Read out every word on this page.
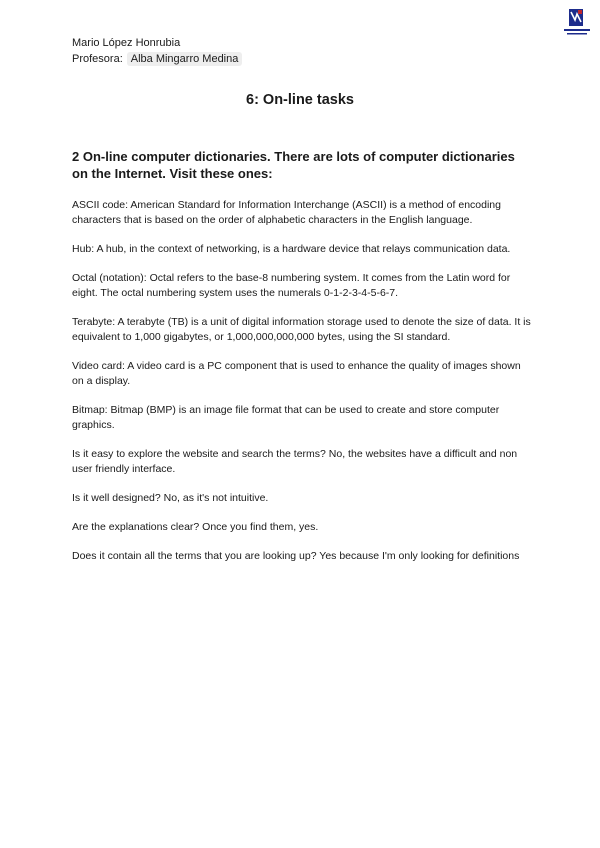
Mario López Honrubia
Profesora: Alba Mingarro Medina
6: On-line tasks
2 On-line computer dictionaries. There are lots of computer dictionaries on the Internet. Visit these ones:

ASCII code: American Standard for Information Interchange (ASCII) is a method of encoding characters that is based on the order of alphabetic characters in the English language.

Hub: A hub, in the context of networking, is a hardware device that relays communication data.

Octal (notation): Octal refers to the base-8 numbering system. It comes from the Latin word for eight. The octal numbering system uses the numerals 0-1-2-3-4-5-6-7.

Terabyte: A terabyte (TB) is a unit of digital information storage used to denote the size of data. It is equivalent to 1,000 gigabytes, or 1,000,000,000,000 bytes, using the SI standard.

Video card: A video card is a PC component that is used to enhance the quality of images shown on a display.

Bitmap: Bitmap (BMP) is an image file format that can be used to create and store computer graphics.

Is it easy to explore the website and search the terms? No, the websites have a difficult and non user friendly interface.

Is it well designed? No, as it's not intuitive.

Are the explanations clear? Once you find them, yes.

Does it contain all the terms that you are looking up? Yes because I'm only looking for definitions
